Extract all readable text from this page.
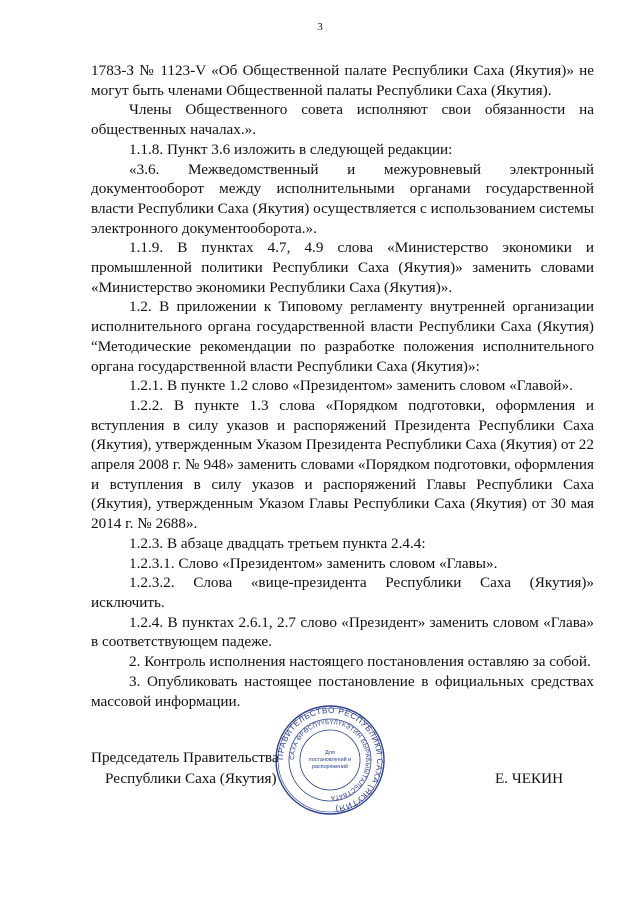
3

1783-З № 1123-V «Об Общественной палате Республики Саха (Якутия)» не могут быть членами Общественной палаты Республики Саха (Якутия).

Члены Общественного совета исполняют свои обязанности на общественных началах.».

1.1.8. Пункт 3.6 изложить в следующей редакции:

«3.6. Межведомственный и межуровневый электронный документооборот между исполнительными органами государственной власти Республики Саха (Якутия) осуществляется с использованием системы электронного документооборота.».

1.1.9. В пунктах 4.7, 4.9 слова «Министерство экономики и промышленной политики Республики Саха (Якутия)» заменить словами «Министерство экономики Республики Саха (Якутия)».

1.2. В приложении к Типовому регламенту внутренней организации исполнительного органа государственной власти Республики Саха (Якутия) “Методические рекомендации по разработке положения исполнительного органа государственной власти Республики Саха (Якутия)»:

1.2.1. В пункте 1.2 слово «Президентом» заменить словом «Главой».

1.2.2. В пункте 1.3 слова «Порядком подготовки, оформления и вступления в силу указов и распоряжений Президента Республики Саха (Якутия), утвержденным Указом Президента Республики Саха (Якутия) от 22 апреля 2008 г. № 948» заменить словами «Порядком подготовки, оформления и вступления в силу указов и распоряжений Главы Республики Саха (Якутия), утвержденным Указом Главы Республики Саха (Якутия) от 30 мая 2014 г. № 2688».

1.2.3. В абзаце двадцать третьем пункта 2.4.4:

1.2.3.1. Слово «Президентом» заменить словом «Главы».

1.2.3.2. Слова «вице-президента Республики Саха (Якутия)» исключить.

1.2.4. В пунктах 2.6.1, 2.7 слово «Президент» заменить словом «Глава» в соответствующем падеже.

2. Контроль исполнения настоящего постановления оставляю за собой.

3. Опубликовать настоящее постановление в официальных средствах массовой информации.

Председатель Правительства
Республики Саха (Якутия)	Е. ЧЕКИН
ПРАВИТЕЛЬСТВО РЕСПУБЛИКИ САХА (ЯКУТИЯ)
САХА ӨРӨСПҮҮБҮЛҮКЭТИН БЫРАБЫЫТАЛЬСТВАТА
Для
постановлений и
распоряжений
